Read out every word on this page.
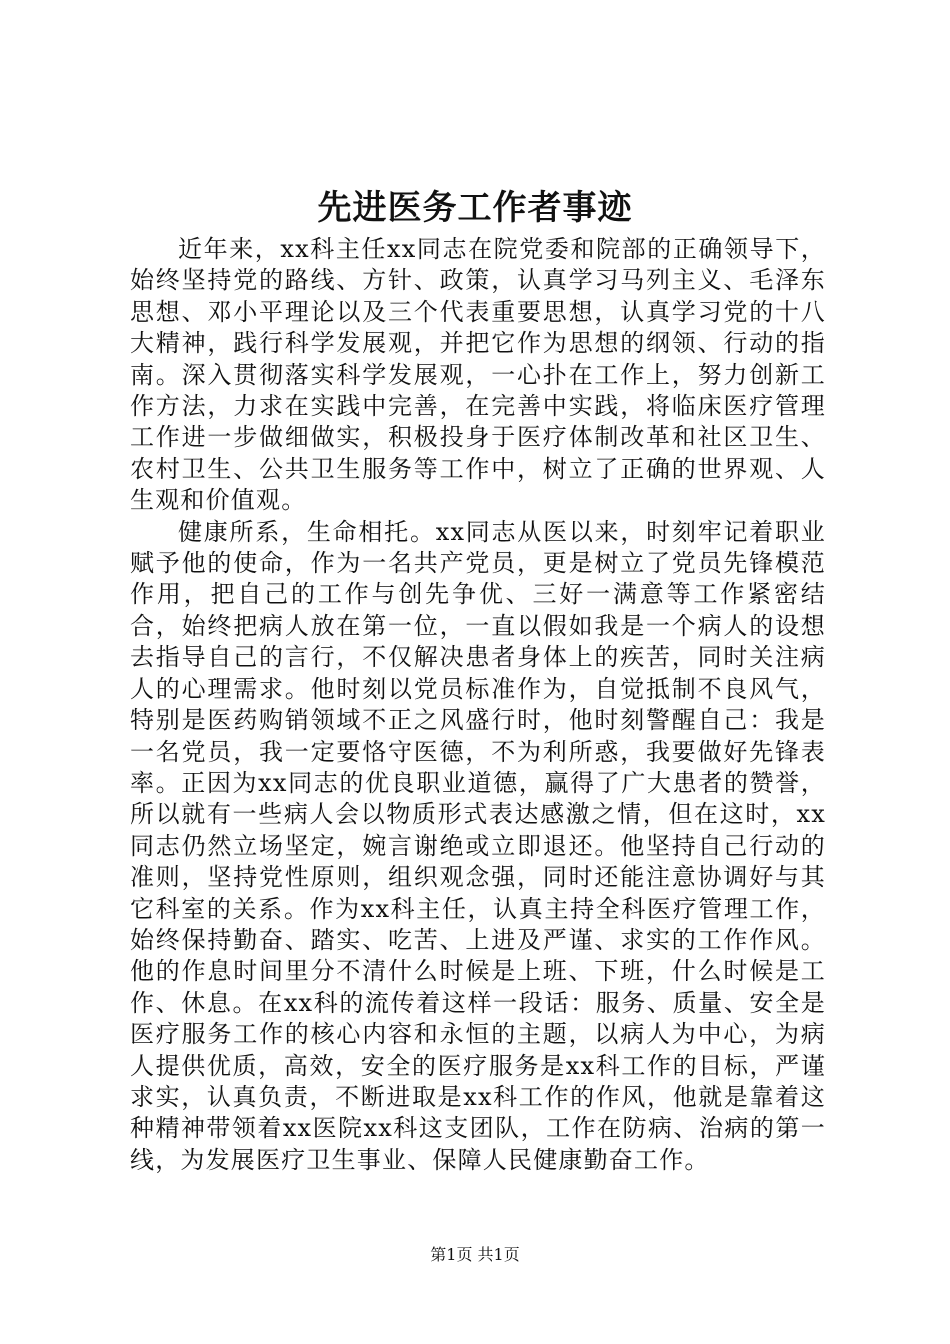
先进医务工作者事迹

近年来，xx科主任xx同志在院党委和院部的正确领导下，始终坚持党的路线、方针、政策，认真学习马列主义、毛泽东思想、邓小平理论以及三个代表重要思想，认真学习党的十八大精神，践行科学发展观，并把它作为思想的纲领、行动的指南。深入贯彻落实科学发展观，一心扑在工作上，努力创新工作方法，力求在实践中完善，在完善中实践，将临床医疗管理工作进一步做细做实，积极投身于医疗体制改革和社区卫生、农村卫生、公共卫生服务等工作中，树立了正确的世界观、人生观和价值观。

健康所系，生命相托。xx同志从医以来，时刻牢记着职业赋予他的使命，作为一名共产党员，更是树立了党员先锋模范作用，把自己的工作与创先争优、三好一满意等工作紧密结合，始终把病人放在第一位，一直以假如我是一个病人的设想去指导自己的言行，不仅解决患者身体上的疾苦，同时关注病人的心理需求。他时刻以党员标准作为，自觉抵制不良风气，特别是医药购销领域不正之风盛行时，他时刻警醒自己：我是一名党员，我一定要恪守医德，不为利所惑，我要做好先锋表率。正因为xx同志的优良职业道德，赢得了广大患者的赞誉，所以就有一些病人会以物质形式表达感激之情，但在这时，xx同志仍然立场坚定，婉言谢绝或立即退还。他坚持自己行动的准则，坚持党性原则，组织观念强，同时还能注意协调好与其它科室的关系。作为xx科主任，认真主持全科医疗管理工作，始终保持勤奋、踏实、吃苦、上进及严谨、求实的工作作风。他的作息时间里分不清什么时候是上班、下班，什么时候是工作、休息。在xx科的流传着这样一段话：服务、质量、安全是医疗服务工作的核心内容和永恒的主题，以病人为中心，为病人提供优质，高效，安全的医疗服务是xx科工作的目标，严谨求实，认真负责，不断进取是xx科工作的作风，他就是靠着这种精神带领着xx医院xx科这支团队，工作在防病、治病的第一线，为发展医疗卫生事业、保障人民健康勤奋工作。

第1页 共1页
